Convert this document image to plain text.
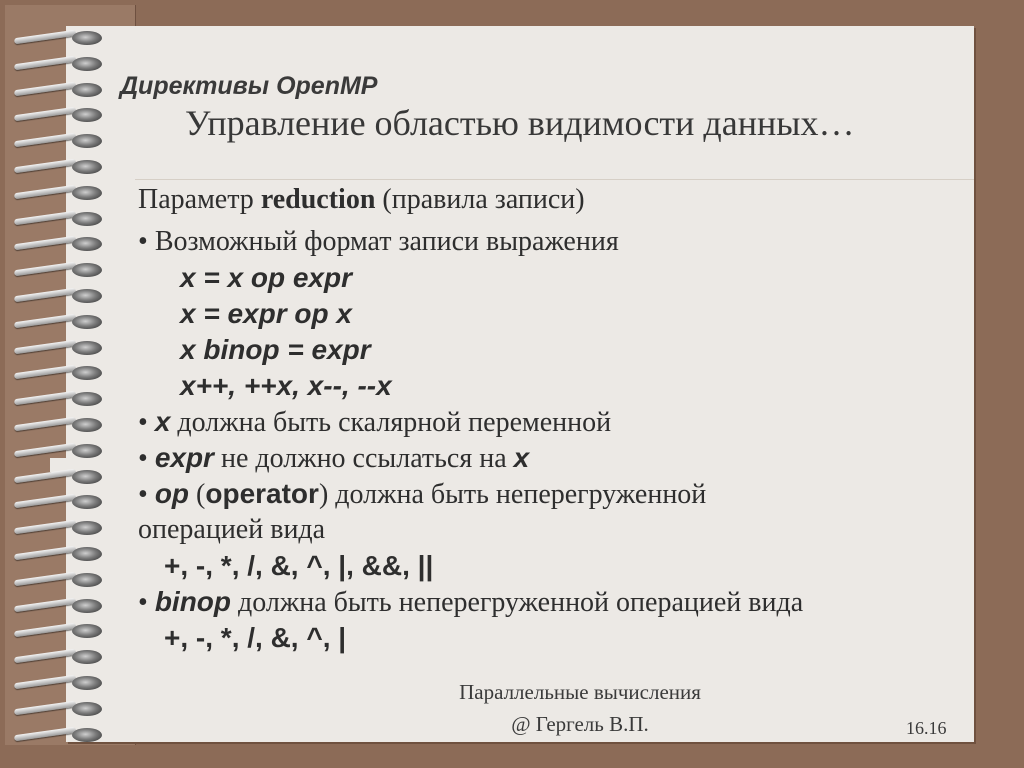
Директивы OpenMP
Управление областью видимости данных…
Параметр reduction (правила записи)
• Возможный формат записи выражения
x = x op expr
x = expr op x
x binop = expr
x++, ++x, x--, --x
• x должна быть скалярной переменной
• expr не должно ссылаться на x
• op (operator) должна быть неперегруженной
операцией вида
+, -, *, /, &, ^, |, &&, ||
• binop должна быть неперегруженной операцией вида
+, -, *, /, &, ^, |
Параллельные вычисления
@ Гергель В.П.	16.16
